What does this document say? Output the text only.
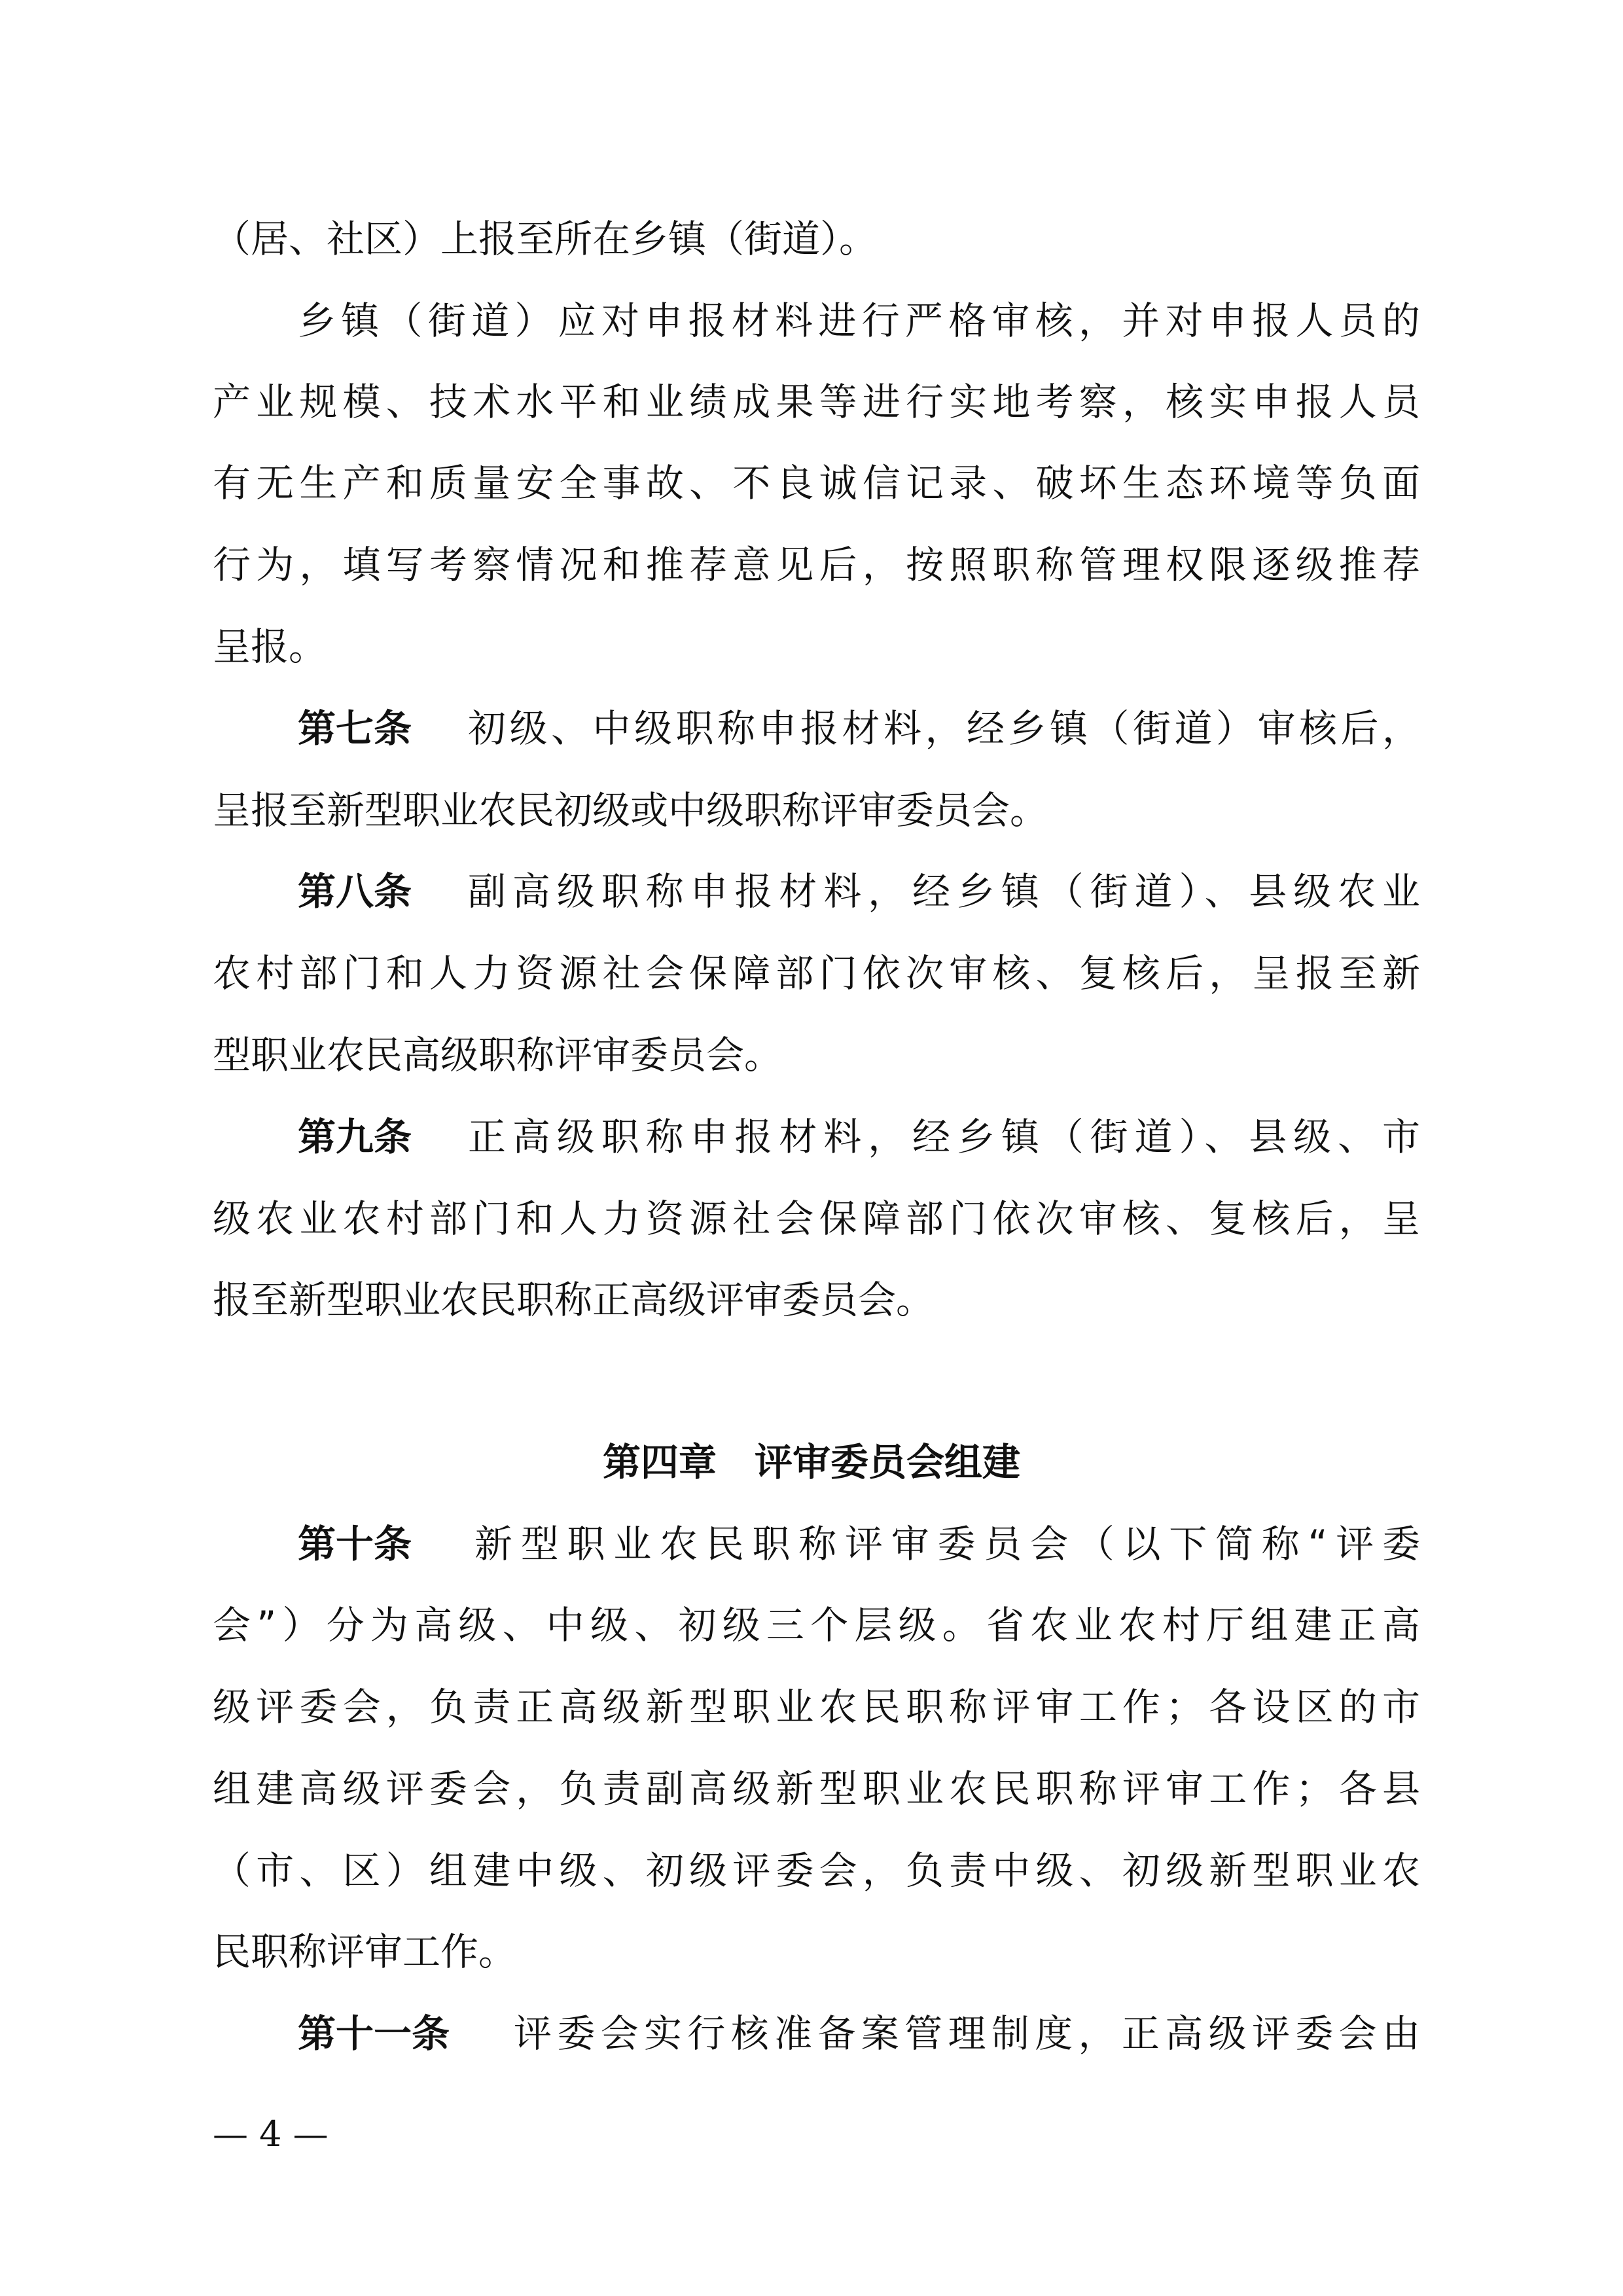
（居、社区）上报至所在乡镇（街道）。
乡镇（街道）应对申报材料进行严格审核，并对申报人员的
产业规模、技术水平和业绩成果等进行实地考察，核实申报人员
有无生产和质量安全事故、不良诚信记录、破坏生态环境等负面
行为，填写考察情况和推荐意见后，按照职称管理权限逐级推荐
呈报。
第七条	初级、中级职称申报材料，经乡镇（街道）审核后，
呈报至新型职业农民初级或中级职称评审委员会。
第八条	副高级职称申报材料，经乡镇（街道）、县级农业
农村部门和人力资源社会保障部门依次审核、复核后，呈报至新
型职业农民高级职称评审委员会。
第九条	正高级职称申报材料，经乡镇（街道）、县级、市
级农业农村部门和人力资源社会保障部门依次审核、复核后，呈
报至新型职业农民职称正高级评审委员会。
第四章　评审委员会组建
第十条	新型职业农民职称评审委员会（以下简称“评委
会”）分为高级、中级、初级三个层级。省农业农村厅组建正高
级评委会，负责正高级新型职业农民职称评审工作；各设区的市
组建高级评委会，负责副高级新型职业农民职称评审工作；各县
（市、区）组建中级、初级评委会，负责中级、初级新型职业农
民职称评审工作。
第十一条	评委会实行核准备案管理制度，正高级评委会由
— 4 —
